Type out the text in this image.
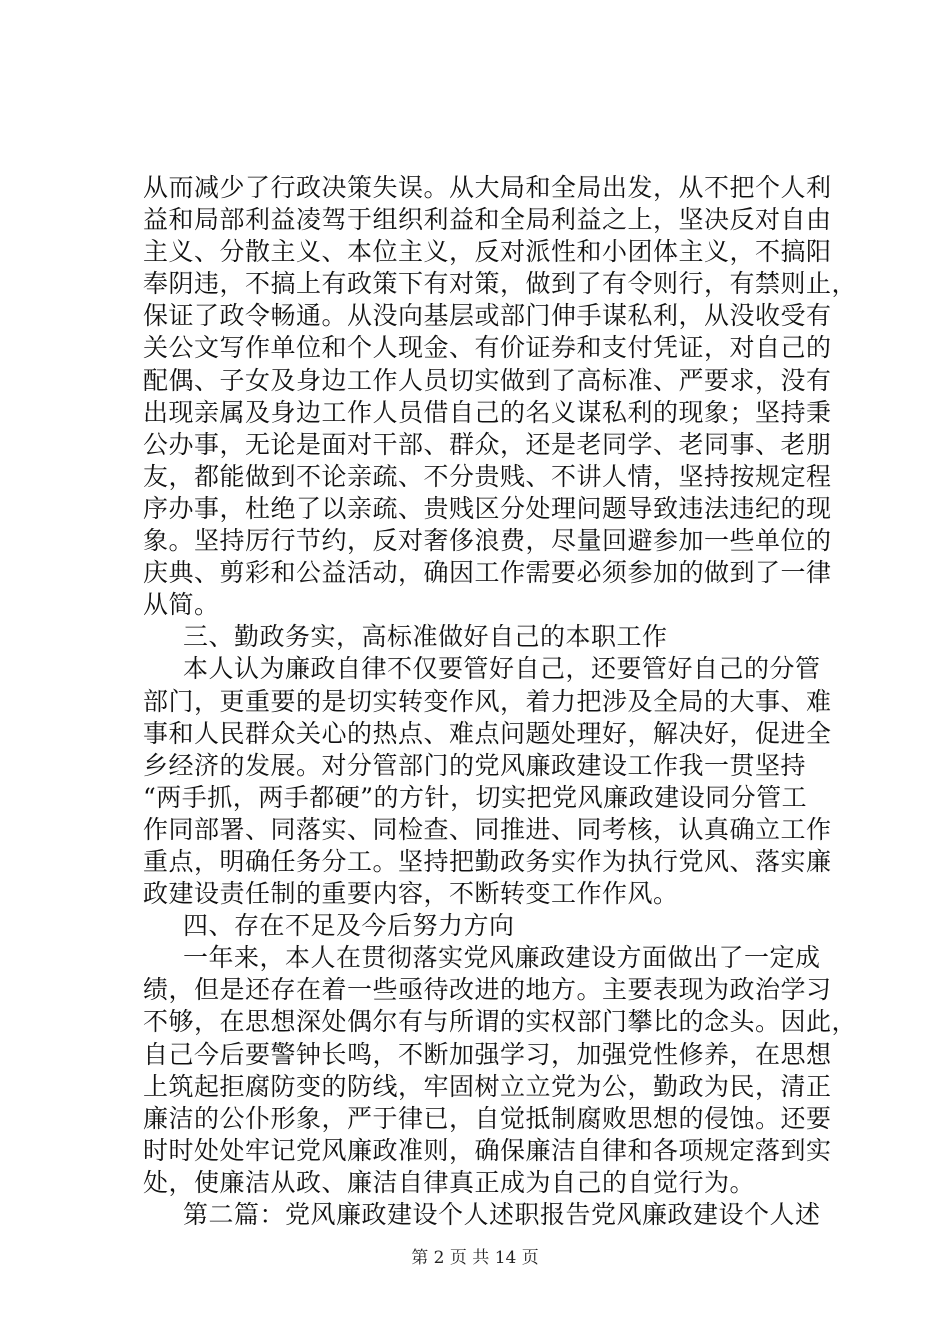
从而减少了行政决策失误。从大局和全局出发，从不把个人利
益和局部利益凌驾于组织利益和全局利益之上，坚决反对自由
主义、分散主义、本位主义，反对派性和小团体主义，不搞阳
奉阴违，不搞上有政策下有对策，做到了有令则行，有禁则止，
保证了政令畅通。从没向基层或部门伸手谋私利，从没收受有
关公文写作单位和个人现金、有价证券和支付凭证，对自己的
配偶、子女及身边工作人员切实做到了高标准、严要求，没有
出现亲属及身边工作人员借自己的名义谋私利的现象；坚持秉
公办事，无论是面对干部、群众，还是老同学、老同事、老朋
友，都能做到不论亲疏、不分贵贱、不讲人情，坚持按规定程
序办事，杜绝了以亲疏、贵贱区分处理问题导致违法违纪的现
象。坚持厉行节约，反对奢侈浪费，尽量回避参加一些单位的
庆典、剪彩和公益活动，确因工作需要必须参加的做到了一律
从简。
三、勤政务实，高标准做好自己的本职工作
本人认为廉政自律不仅要管好自己，还要管好自己的分管
部门，更重要的是切实转变作风，着力把涉及全局的大事、难
事和人民群众关心的热点、难点问题处理好，解决好，促进全
乡经济的发展。对分管部门的党风廉政建设工作我一贯坚持
“两手抓，两手都硬”的方针，切实把党风廉政建设同分管工
作同部署、同落实、同检查、同推进、同考核，认真确立工作
重点，明确任务分工。坚持把勤政务实作为执行党风、落实廉
政建设责任制的重要内容，不断转变工作作风。
四、存在不足及今后努力方向
一年来，本人在贯彻落实党风廉政建设方面做出了一定成
绩，但是还存在着一些亟待改进的地方。主要表现为政治学习
不够，在思想深处偶尔有与所谓的实权部门攀比的念头。因此，
自己今后要警钟长鸣，不断加强学习，加强党性修养，在思想
上筑起拒腐防变的防线，牢固树立立党为公，勤政为民，清正
廉洁的公仆形象，严于律已，自觉抵制腐败思想的侵蚀。还要
时时处处牢记党风廉政准则，确保廉洁自律和各项规定落到实
处，使廉洁从政、廉洁自律真正成为自己的自觉行为。
第二篇：党风廉政建设个人述职报告党风廉政建设个人述
第 2 页 共 14 页
